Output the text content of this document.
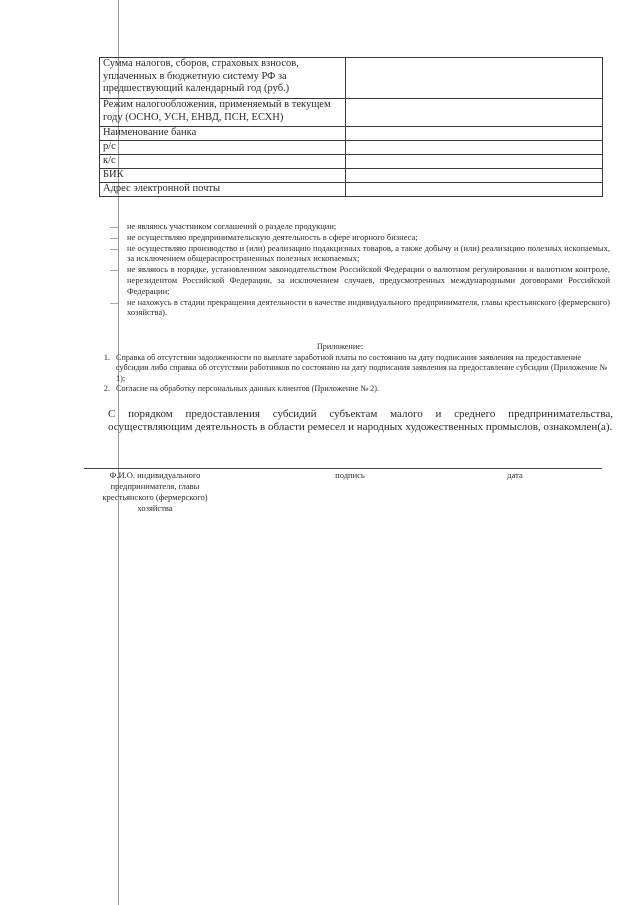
Сумма налогов, сборов, страховых взносов, уплаченных в бюджетную систему РФ за предшествующий календарный год (руб.)	
Режим налогообложения, применяемый в текущем году (ОСНО, УСН, ЕНВД, ПСН, ЕСХН)	
Наименование банка	
р/с	
к/с	
БИК	
Адрес электронной почты	
—	не являюсь участником соглашений о разделе продукции;
—	не осуществляю предпринимательскую деятельность в сфере игорного бизнеса;
—	не осуществляю производство и (или) реализацию подакцизных товаров, а также добычу и (или) реализацию полезных ископаемых, за исключением общераспространенных полезных ископаемых;
—	не являюсь в порядке, установленном законодательством Российской Федерации о валютном регулировании и валютном контроле, нерезидентом Российской Федерации, за исключением случаев, предусмотренных международными договорами Российской Федерации;
—	не нахожусь в стадии прекращения деятельности в качестве индивидуального предпринимателя, главы крестьянского (фермерского) хозяйства).
Приложение:
1. Справка об отсутствии задолженности по выплате заработной платы по состоянию на дату подписания заявления на предоставление субсидии либо справка об отсутствии работников по состоянию на дату подписания заявления на предоставление субсидии (Приложение № 1);
2. Согласие на обработку персональных данных клиентов (Приложение № 2).
С порядком предоставления субсидий субъектам малого и среднего предпринимательства, осуществляющим деятельность в области ремесел и народных художественных промыслов, ознакомлен(а).
Ф.И.О. индивидуального предпринимателя, главы крестьянского (фермерского) хозяйства
подпись	дата
